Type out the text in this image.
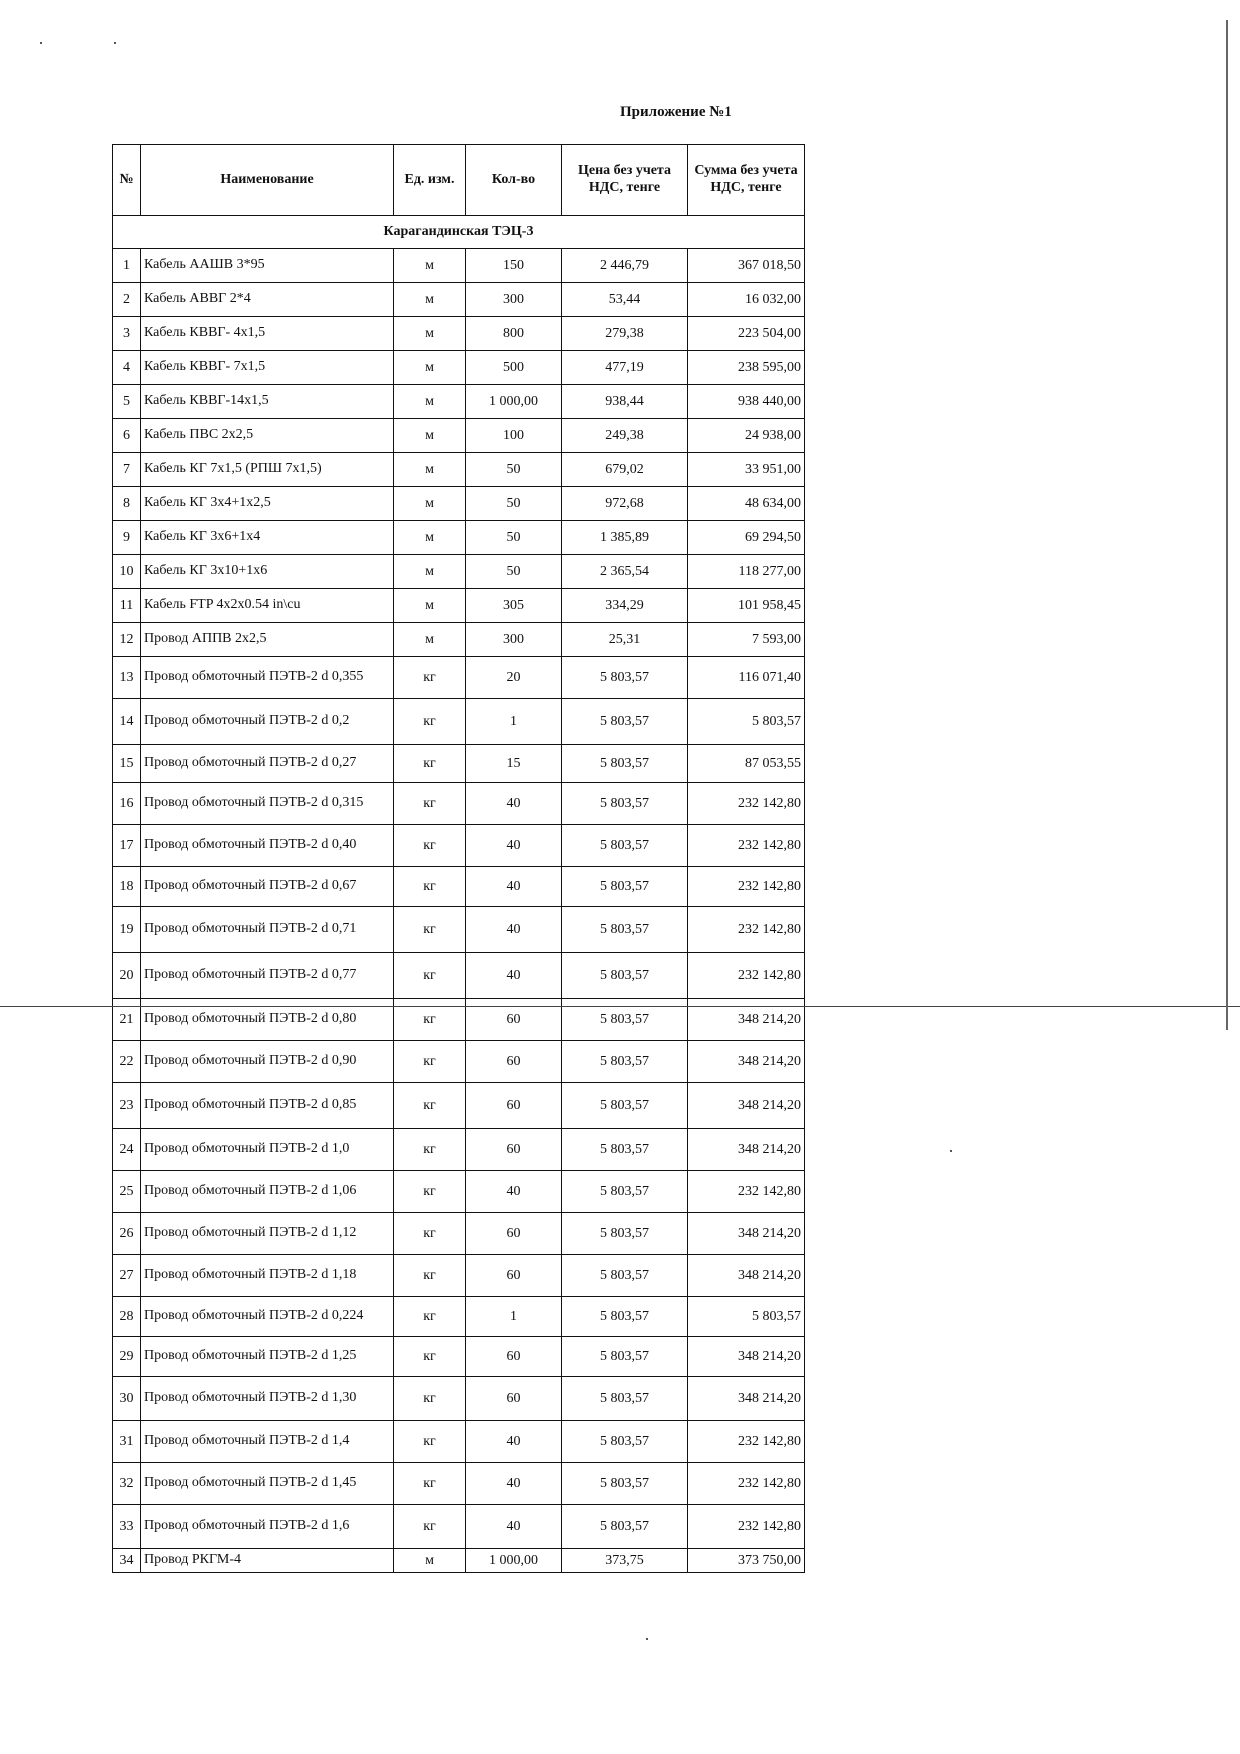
Приложение №1
№	Наименование	Ед. изм.	Кол-во	Цена без учета НДС, тенге	Сумма без учета НДС, тенге
Карагандинская ТЭЦ-3					
1	Кабель ААШВ 3*95	м	150	2 446,79	367 018,50
2	Кабель АВВГ 2*4	м	300	53,44	16 032,00
3	Кабель КВВГ- 4х1,5	м	800	279,38	223 504,00
4	Кабель КВВГ- 7х1,5	м	500	477,19	238 595,00
5	Кабель КВВГ-14х1,5	м	1 000,00	938,44	938 440,00
6	Кабель ПВС 2х2,5	м	100	249,38	24 938,00
7	Кабель КГ 7х1,5 (РПШ 7х1,5)	м	50	679,02	33 951,00
8	Кабель КГ 3х4+1х2,5	м	50	972,68	48 634,00
9	Кабель КГ 3х6+1х4	м	50	1 385,89	69 294,50
10	Кабель КГ 3х10+1х6	м	50	2 365,54	118 277,00
11	Кабель FTP 4x2x0.54 in\cu	м	305	334,29	101 958,45
12	Провод АППВ 2х2,5	м	300	25,31	7 593,00
13	Провод обмоточный ПЭТВ-2 d 0,355	кг	20	5 803,57	116 071,40
14	Провод обмоточный ПЭТВ-2 d 0,2	кг	1	5 803,57	5 803,57
15	Провод обмоточный ПЭТВ-2 d 0,27	кг	15	5 803,57	87 053,55
16	Провод обмоточный ПЭТВ-2 d 0,315	кг	40	5 803,57	232 142,80
17	Провод обмоточный ПЭТВ-2 d 0,40	кг	40	5 803,57	232 142,80
18	Провод обмоточный ПЭТВ-2 d 0,67	кг	40	5 803,57	232 142,80
19	Провод обмоточный ПЭТВ-2 d 0,71	кг	40	5 803,57	232 142,80
20	Провод обмоточный ПЭТВ-2 d 0,77	кг	40	5 803,57	232 142,80
21	Провод обмоточный ПЭТВ-2 d 0,80	кг	60	5 803,57	348 214,20
22	Провод обмоточный ПЭТВ-2 d 0,90	кг	60	5 803,57	348 214,20
23	Провод обмоточный ПЭТВ-2 d 0,85	кг	60	5 803,57	348 214,20
24	Провод обмоточный ПЭТВ-2 d 1,0	кг	60	5 803,57	348 214,20
25	Провод обмоточный ПЭТВ-2 d 1,06	кг	40	5 803,57	232 142,80
26	Провод обмоточный ПЭТВ-2 d 1,12	кг	60	5 803,57	348 214,20
27	Провод обмоточный ПЭТВ-2 d 1,18	кг	60	5 803,57	348 214,20
28	Провод обмоточный ПЭТВ-2 d 0,224	кг	1	5 803,57	5 803,57
29	Провод обмоточный ПЭТВ-2 d 1,25	кг	60	5 803,57	348 214,20
30	Провод обмоточный ПЭТВ-2 d 1,30	кг	60	5 803,57	348 214,20
31	Провод обмоточный ПЭТВ-2 d 1,4	кг	40	5 803,57	232 142,80
32	Провод обмоточный ПЭТВ-2 d 1,45	кг	40	5 803,57	232 142,80
33	Провод обмоточный ПЭТВ-2 d 1,6	кг	40	5 803,57	232 142,80
34	Провод РКГМ-4	м	1 000,00	373,75	373 750,00
